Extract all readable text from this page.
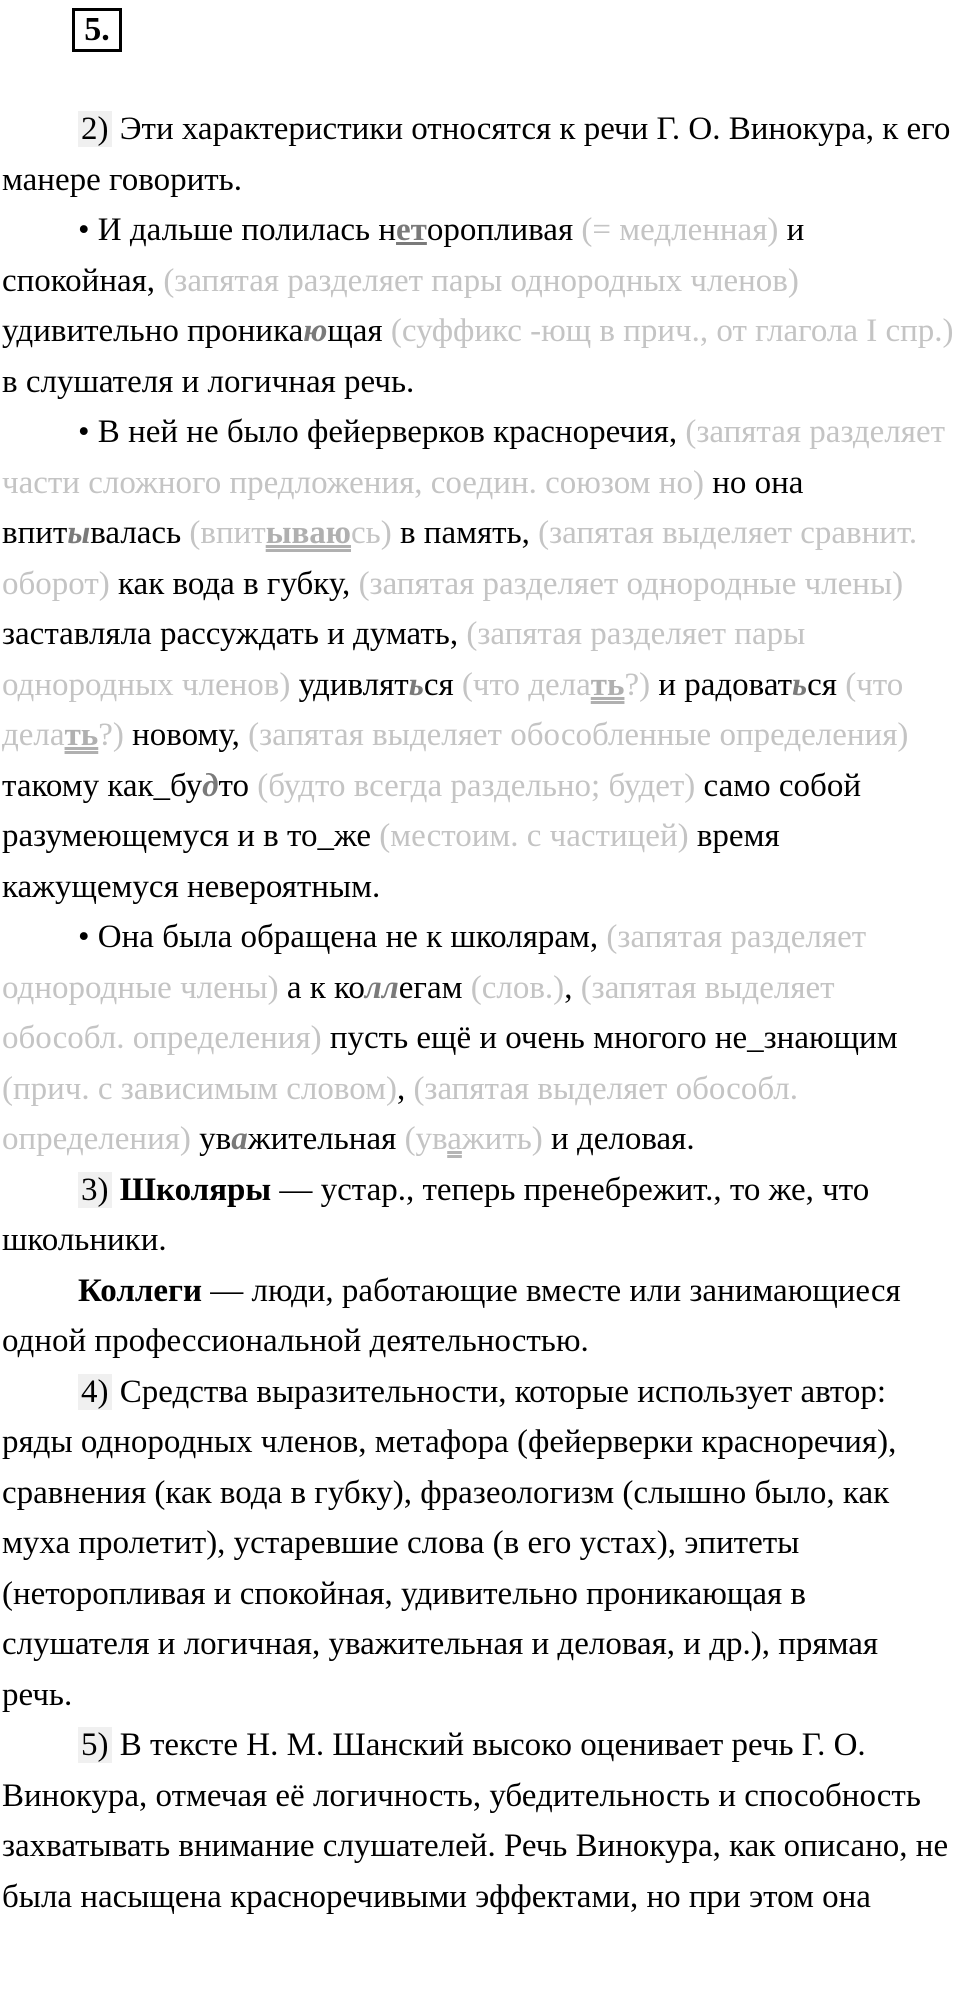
5.

2) Эти характеристики относятся к речи Г. О. Винокура, к его манере говорить.

• И дальше полилась неторопливая (= медленная) и спокойная, (запятая разделяет пары однородных членов) удивительно проникающая (суффикс -ющ в прич., от глагола I спр.) в слушателя и логичная речь.

• В ней не было фейерверков красноречия, (запятая разделяет части сложного предложения, соедин. союзом но) но она впитывалась (впитываюсь) в память, (запятая выделяет сравнит. оборот) как вода в губку, (запятая разделяет однородные члены) заставляла рассуждать и думать, (запятая разделяет пары однородных членов) удивляться (что делать?) и радоваться (что делать?) новому, (запятая выделяет обособленные определения) такому как_будто (будто всегда раздельно; будет) само собой разумеющемуся и в то_же (местоим. с частицей) время кажущемуся невероятным.

• Она была обращена не к школярам, (запятая разделяет однородные члены) а к коллегам (слов.), (запятая выделяет обособл. определения) пусть ещё и очень многого не_знающим (прич. с зависимым словом), (запятая выделяет обособл. определения) уважительная (уважить) и деловая.

3) Школяры — устар., теперь пренебрежит., то же, что школьники.

Коллеги — люди, работающие вместе или занимающиеся одной профессиональной деятельностью.

4) Средства выразительности, которые использует автор: ряды однородных членов, метафора (фейерверки красноречия), сравнения (как вода в губку), фразеологизм (слышно было, как муха пролетит), устаревшие слова (в его устах), эпитеты (неторопливая и спокойная, удивительно проникающая в слушателя и логичная, уважительная и деловая, и др.), прямая речь.

5) В тексте Н. М. Шанский высоко оценивает речь Г. О. Винокура, отмечая её логичность, убедительность и способность захватывать внимание слушателей. Речь Винокура, как описано, не была насыщена красноречивыми эффектами, но при этом она
